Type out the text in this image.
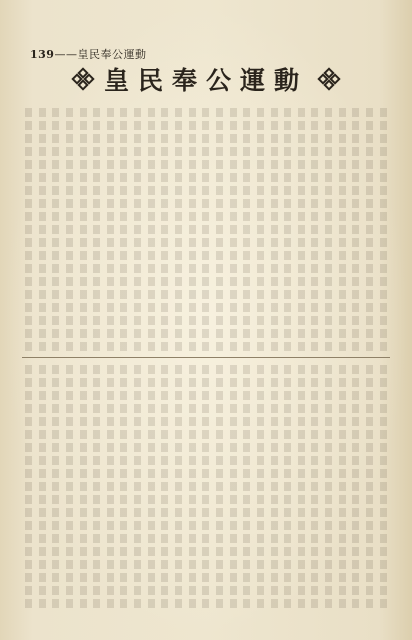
139——皇民奉公運動
皇民奉公運動
